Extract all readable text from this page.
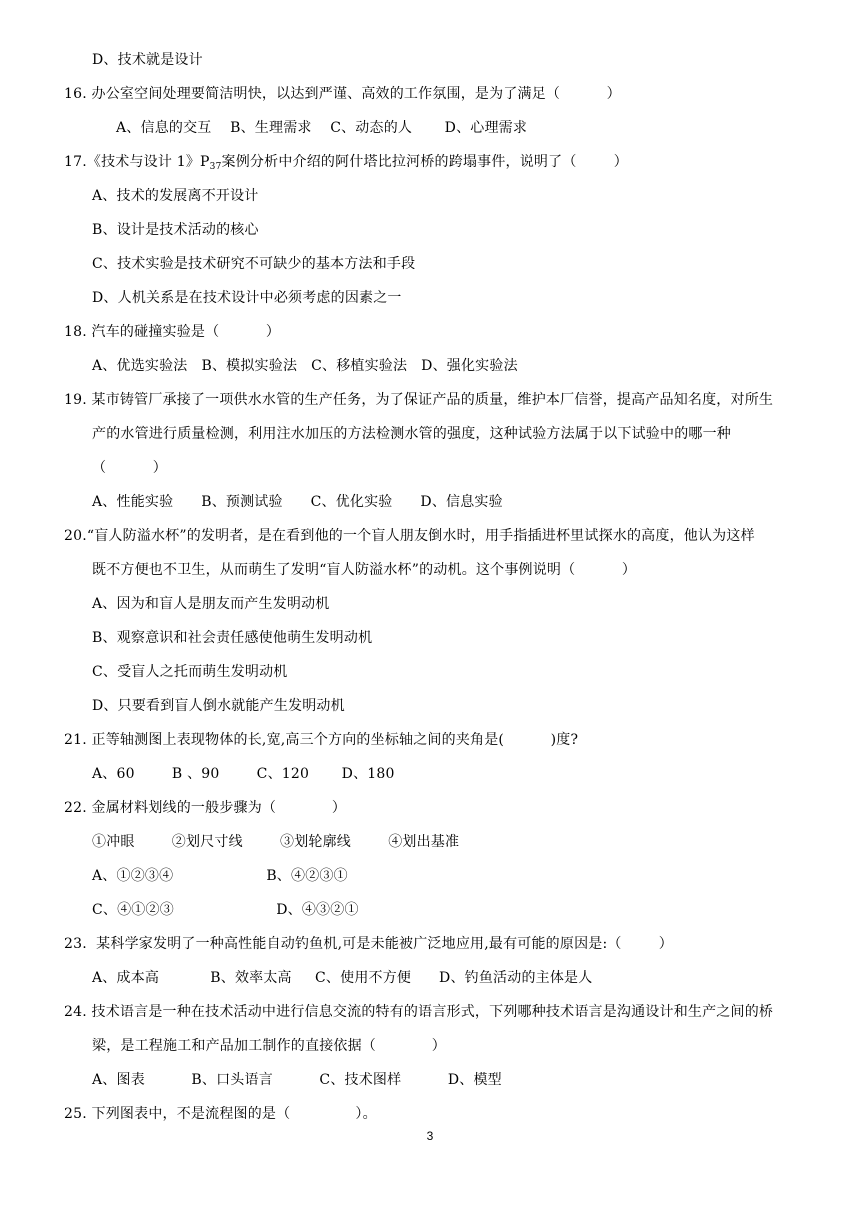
D、技术就是设计
16. 办公室空间处理要简洁明快，以达到严谨、高效的工作氛围，是为了满足（          ）
A、信息的交互    B、生理需求    C、动态的人       D、心理需求
17.《技术与设计 1》$P_{37}$案例分析中介绍的阿什塔比拉河桥的跨塌事件，说明了（        ）
A、技术的发展离不开设计
B、设计是技术活动的核心
C、技术实验是技术研究不可缺少的基本方法和手段
D、人机关系是在技术设计中必须考虑的因素之一
18. 汽车的碰撞实验是（          ）
A、优选实验法   B、模拟实验法   C、移植实验法   D、强化实验法
19. 某市铸管厂承接了一项供水水管的生产任务，为了保证产品的质量，维护本厂信誉，提高产品知名度，对所生
产的水管进行质量检测，利用注水加压的方法检测水管的强度，这种试验方法属于以下试验中的哪一种
（          ）
A、性能实验      B、预测试验      C、优化实验      D、信息实验
20.“盲人防溢水杯”的发明者，是在看到他的一个盲人朋友倒水时，用手指插进杯里试探水的高度，他认为这样
既不方便也不卫生，从而萌生了发明“盲人防溢水杯”的动机。这个事例说明（          ）
A、因为和盲人是朋友而产生发明动机
B、观察意识和社会责任感使他萌生发明动机
C、受盲人之托而萌生发明动机
D、只要看到盲人倒水就能产生发明动机
21. 正等轴测图上表现物体的长,宽,高三个方向的坐标轴之间的夹角是(          )度?
A、60        B 、90        C、120       D、180
22. 金属材料划线的一般步骤为（            ）
①冲眼        ②划尺寸线        ③划轮廓线        ④划出基准
A、①②③④                    B、④②③①
C、④①②③                      D、④③②①
23.  某科学家发明了一种高性能自动钓鱼机,可是未能被广泛地应用,最有可能的原因是:（        ）
A、成本高           B、效率太高     C、使用不方便      D、钓鱼活动的主体是人
24. 技术语言是一种在技术活动中进行信息交流的特有的语言形式，下列哪种技术语言是沟通设计和生产之间的桥
梁，是工程施工和产品加工制作的直接依据（            ）
A、图表          B、口头语言          C、技术图样          D、模型
25. 下列图表中，不是流程图的是（              ）。
3
